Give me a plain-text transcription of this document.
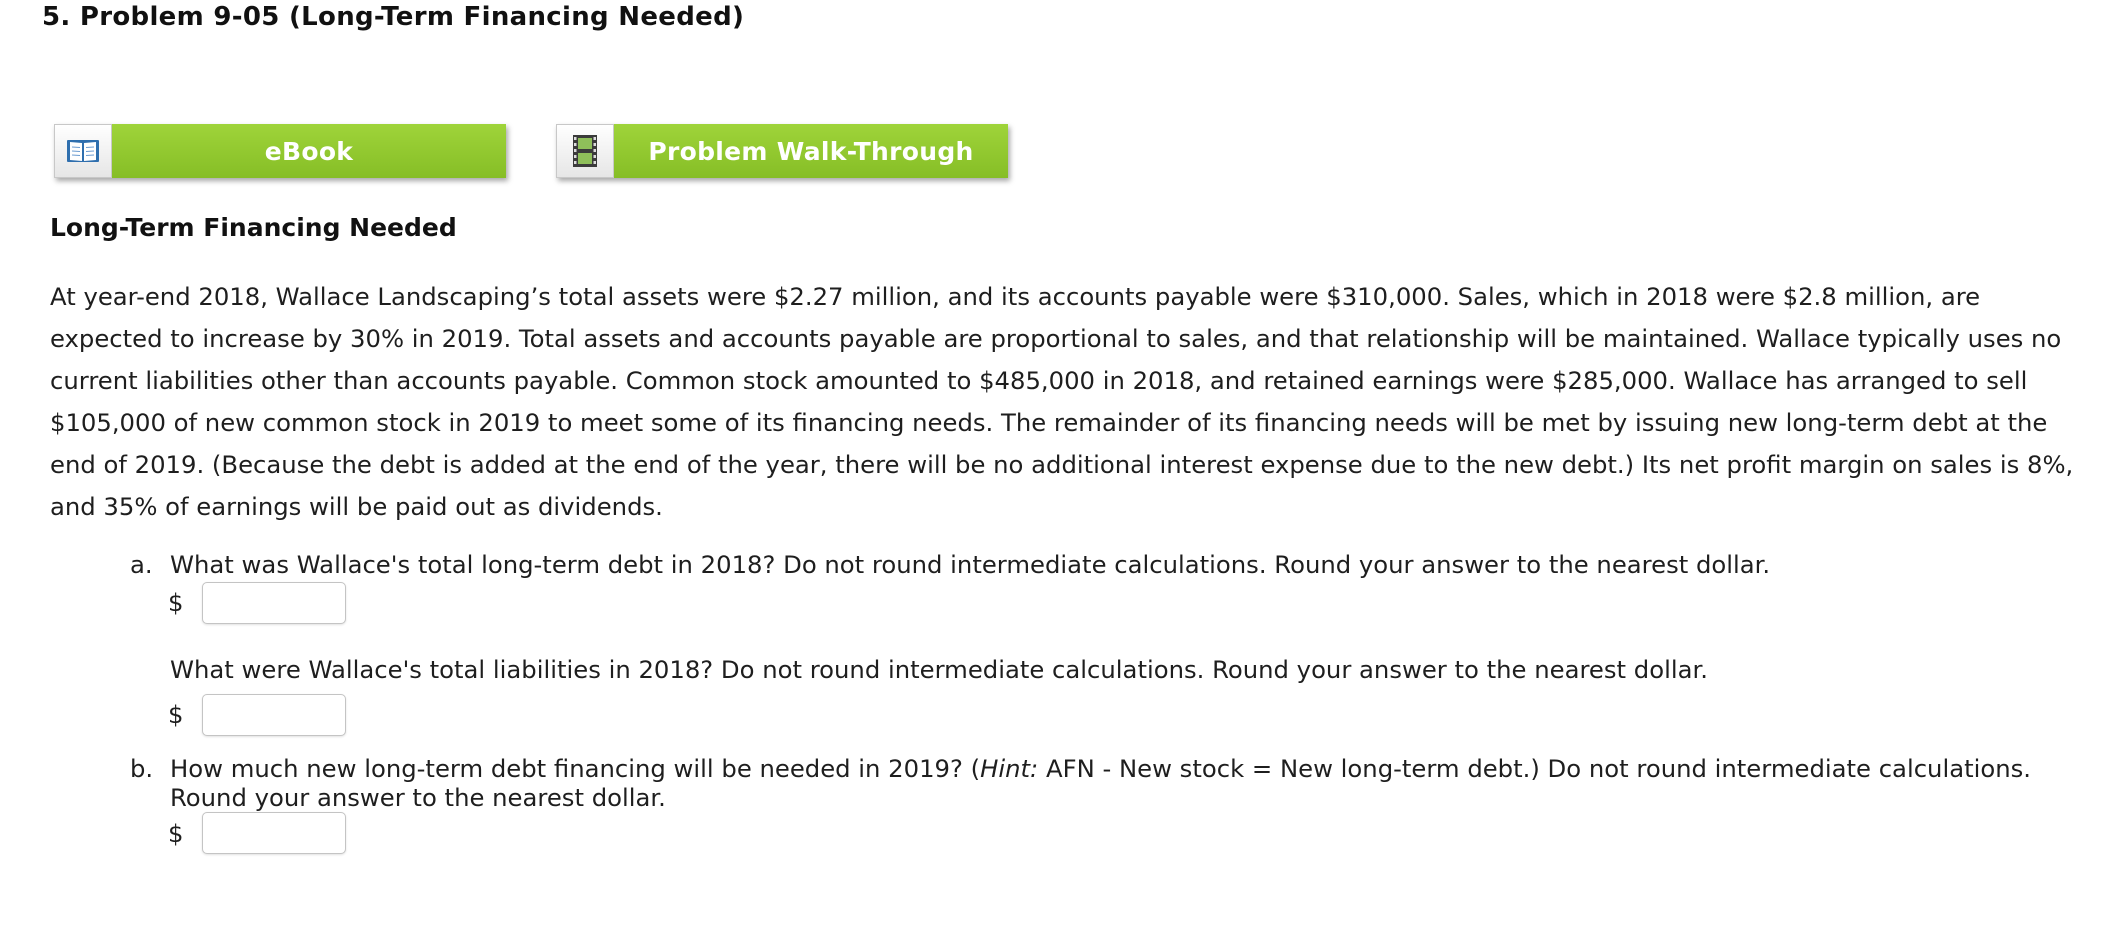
5. Problem 9-05 (Long-Term Financing Needed)
eBook	Problem Walk-Through
Long-Term Financing Needed

At year-end 2018, Wallace Landscaping’s total assets were $2.27 million, and its accounts payable were $310,000. Sales, which in 2018 were $2.8 million, are expected to increase by 30% in 2019. Total assets and accounts payable are proportional to sales, and that relationship will be maintained. Wallace typically uses no current liabilities other than accounts payable. Common stock amounted to $485,000 in 2018, and retained earnings were $285,000. Wallace has arranged to sell $105,000 of new common stock in 2019 to meet some of its financing needs. The remainder of its financing needs will be met by issuing new long-term debt at the end of 2019. (Because the debt is added at the end of the year, there will be no additional interest expense due to the new debt.) Its net profit margin on sales is 8%, and 35% of earnings will be paid out as dividends.

a. What was Wallace's total long-term debt in 2018? Do not round intermediate calculations. Round your answer to the nearest dollar.
$
What were Wallace's total liabilities in 2018? Do not round intermediate calculations. Round your answer to the nearest dollar.
$
b. How much new long-term debt financing will be needed in 2019? (Hint: AFN - New stock = New long-term debt.) Do not round intermediate calculations.
Round your answer to the nearest dollar.
$
